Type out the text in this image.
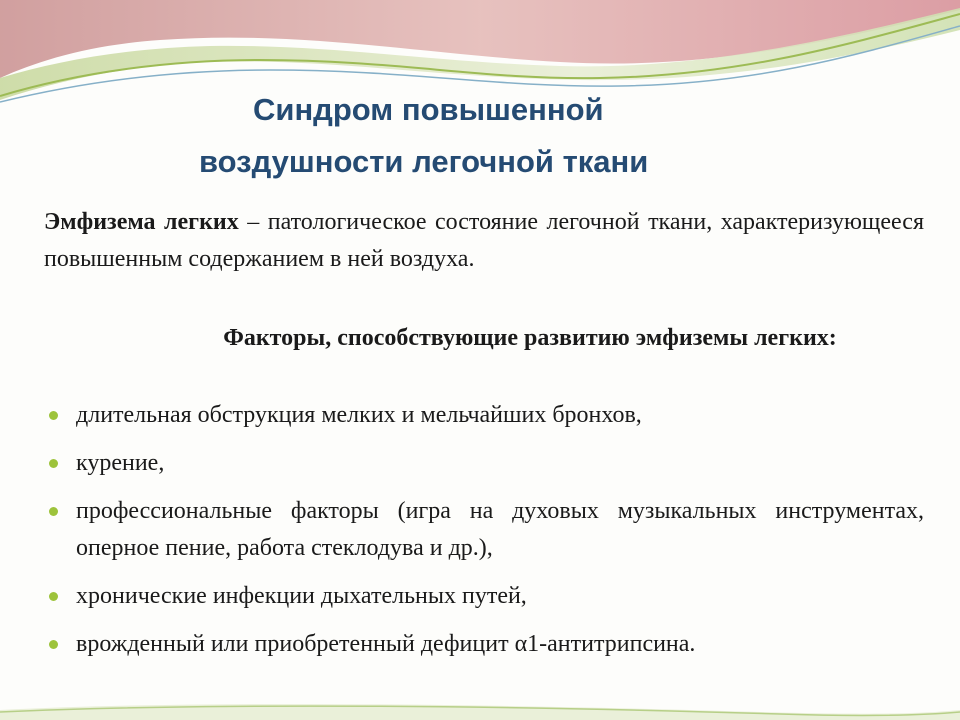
Синдром повышенной
воздушности легочной ткани
Эмфизема легких – патологическое состояние легочной ткани, характеризующееся повышенным содержанием в ней воздуха.
Факторы, способствующие развитию эмфиземы легких:
длительная обструкция мелких и мельчайших бронхов,
курение,
профессиональные факторы (игра на духовых музыкальных инструментах, оперное пение, работа стеклодува и др.),
хронические инфекции дыхательных путей,
врожденный или приобретенный дефицит α1-антитрипсина.
